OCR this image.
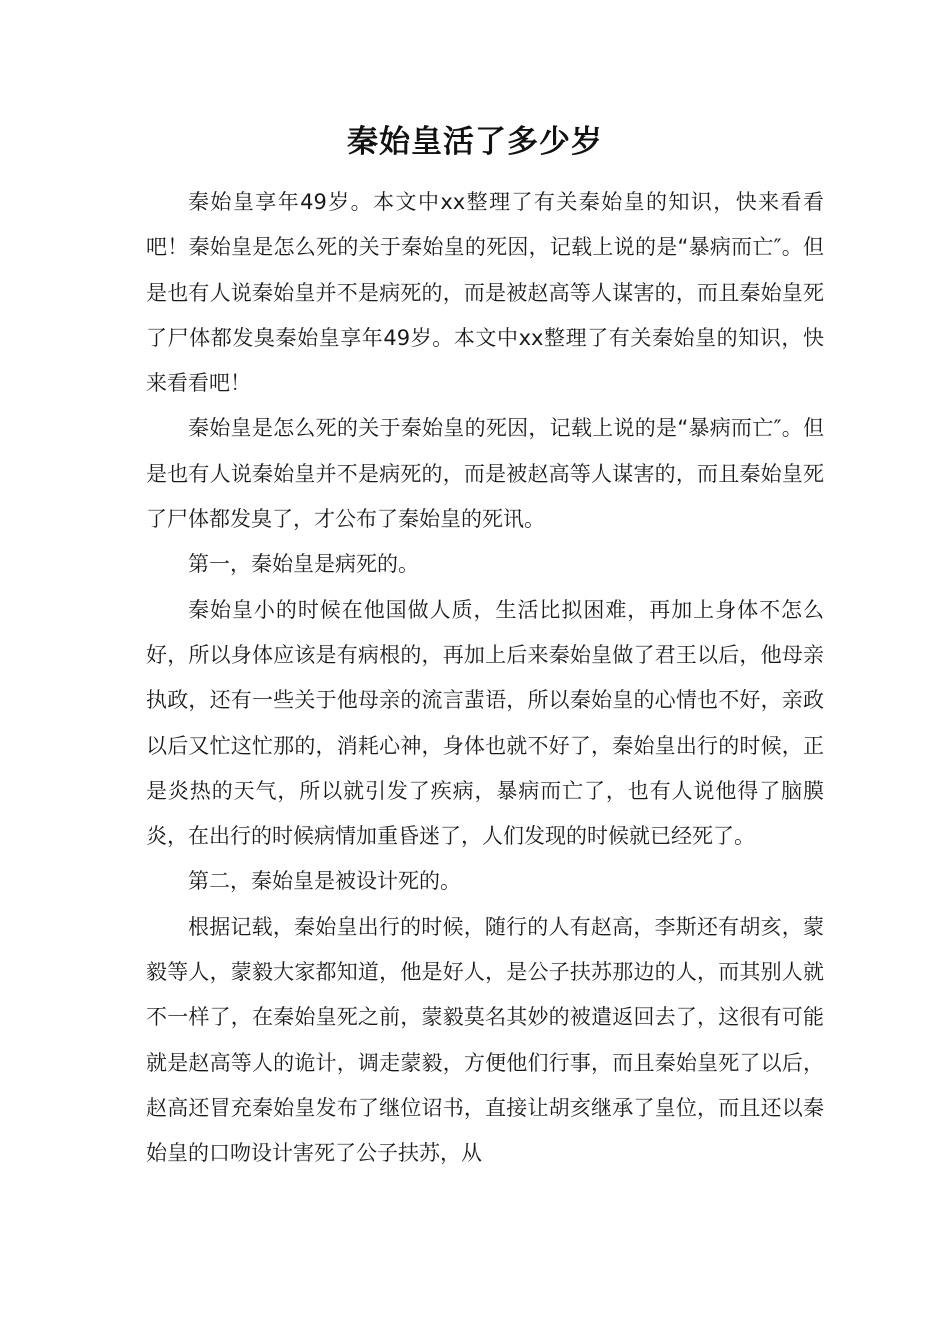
秦始皇活了多少岁

秦始皇享年49岁。本文中xx整理了有关秦始皇的知识，快来看看吧！秦始皇是怎么死的关于秦始皇的死因，记载上说的是“暴病而亡″。但是也有人说秦始皇并不是病死的，而是被赵高等人谋害的，而且秦始皇死了尸体都发臭秦始皇享年49岁。本文中xx整理了有关秦始皇的知识，快来看看吧！

秦始皇是怎么死的关于秦始皇的死因，记载上说的是“暴病而亡″。但是也有人说秦始皇并不是病死的，而是被赵高等人谋害的，而且秦始皇死了尸体都发臭了，才公布了秦始皇的死讯。

第一，秦始皇是病死的。

秦始皇小的时候在他国做人质，生活比拟困难，再加上身体不怎么好，所以身体应该是有病根的，再加上后来秦始皇做了君王以后，他母亲执政，还有一些关于他母亲的流言蜚语，所以秦始皇的心情也不好，亲政以后又忙这忙那的，消耗心神，身体也就不好了，秦始皇出行的时候，正是炎热的天气，所以就引发了疾病，暴病而亡了，也有人说他得了脑膜炎，在出行的时候病情加重昏迷了，人们发现的时候就已经死了。

第二，秦始皇是被设计死的。

根据记载，秦始皇出行的时候，随行的人有赵高，李斯还有胡亥，蒙毅等人，蒙毅大家都知道，他是好人，是公子扶苏那边的人，而其别人就不一样了，在秦始皇死之前，蒙毅莫名其妙的被遣返回去了，这很有可能就是赵高等人的诡计，调走蒙毅，方便他们行事，而且秦始皇死了以后，赵高还冒充秦始皇发布了继位诏书，直接让胡亥继承了皇位，而且还以秦始皇的口吻设计害死了公子扶苏，从
